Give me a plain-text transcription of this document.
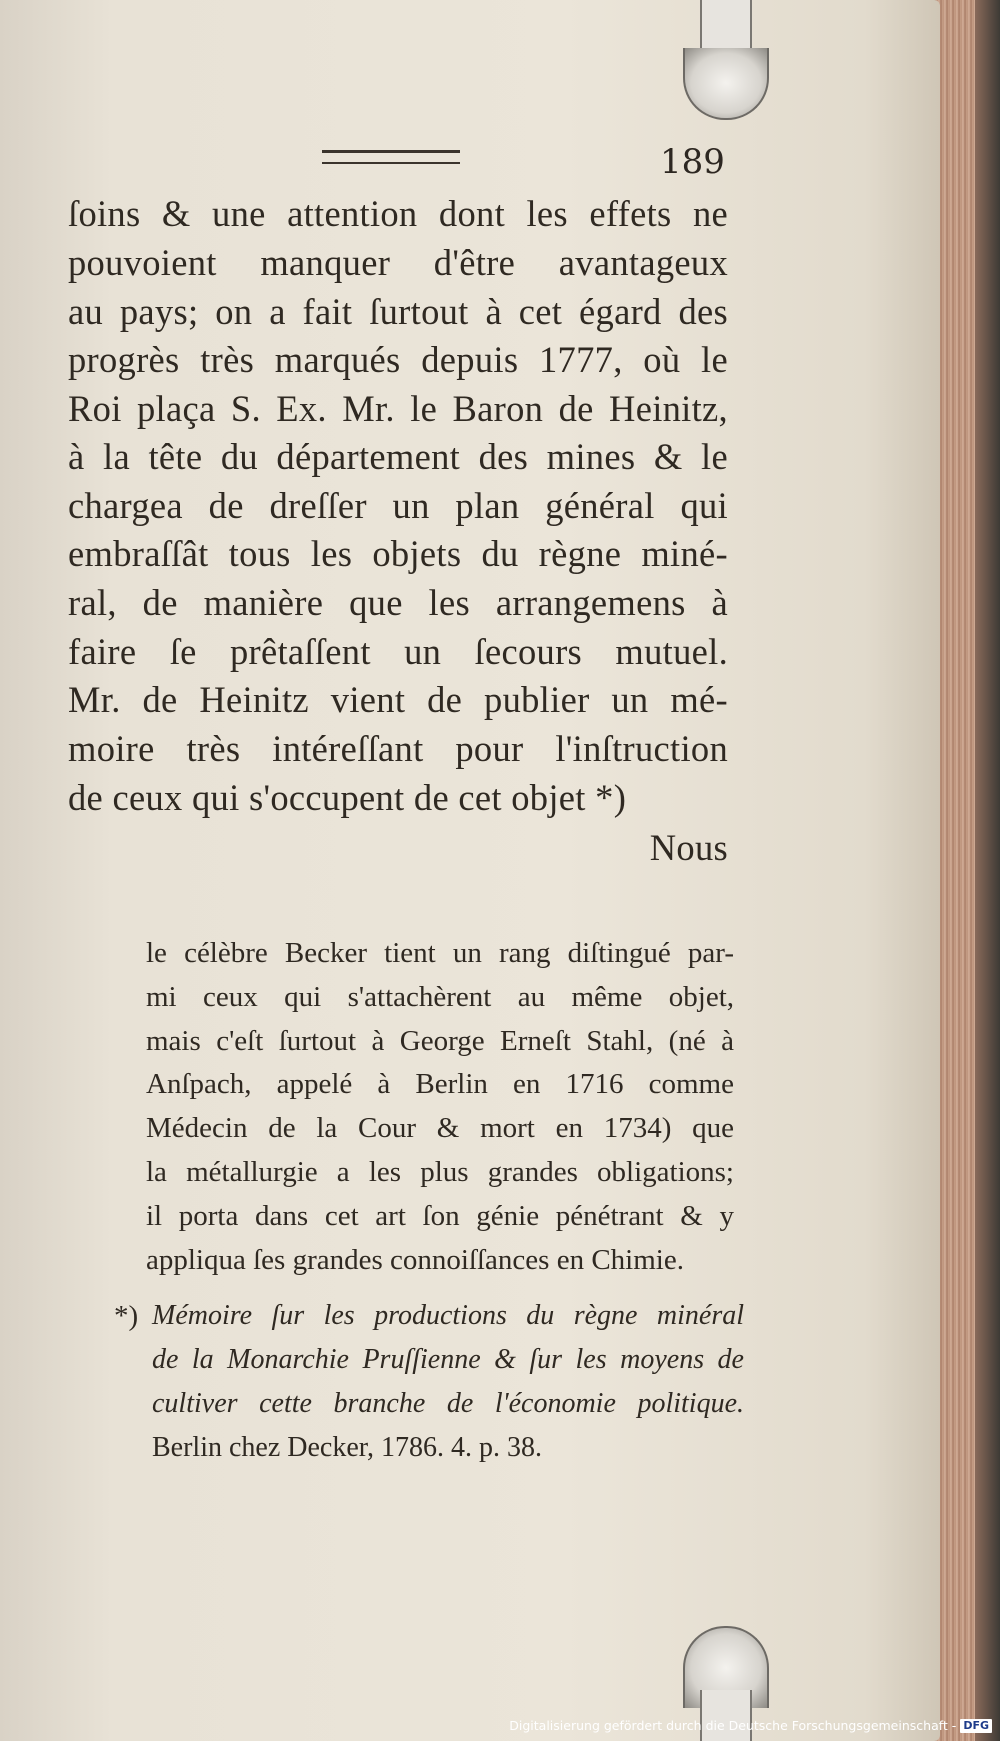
189
ſoins & une attention dont les effets ne
pouvoient manquer d'être avantageux
au pays; on a fait ſurtout à cet égard des
progrès très marqués depuis 1777, où le
Roi plaça S. Ex. Mr. le Baron de Heinitz,
à la tête du département des mines & le
chargea de dreſſer un plan général qui
embraſſât tous les objets du règne miné-
ral, de manière que les arrangemens à
faire ſe prêtaſſent un ſecours mutuel.
Mr. de Heinitz vient de publier un mé-
moire très intéreſſant pour l'inſtruction
de ceux qui s'occupent de cet objet *)
Nous
le célèbre Becker tient un rang diſtingué par-
mi ceux qui s'attachèrent au même objet,
mais c'eſt ſurtout à George Erneſt Stahl, (né à
Anſpach, appelé à Berlin en 1716 comme
Médecin de la Cour & mort en 1734) que
la métallurgie a les plus grandes obligations;
il porta dans cet art ſon génie pénétrant & y
appliqua ſes grandes connoiſſances en Chimie.
*) Mémoire ſur les productions du règne minéral
de la Monarchie Pruſſienne & ſur les moyens de
cultiver cette branche de l'économie politique.
Berlin chez Decker, 1786. 4. p. 38.
Digitalisierung gefördert durch die Deutsche Forschungsgemeinschaft - DFG
